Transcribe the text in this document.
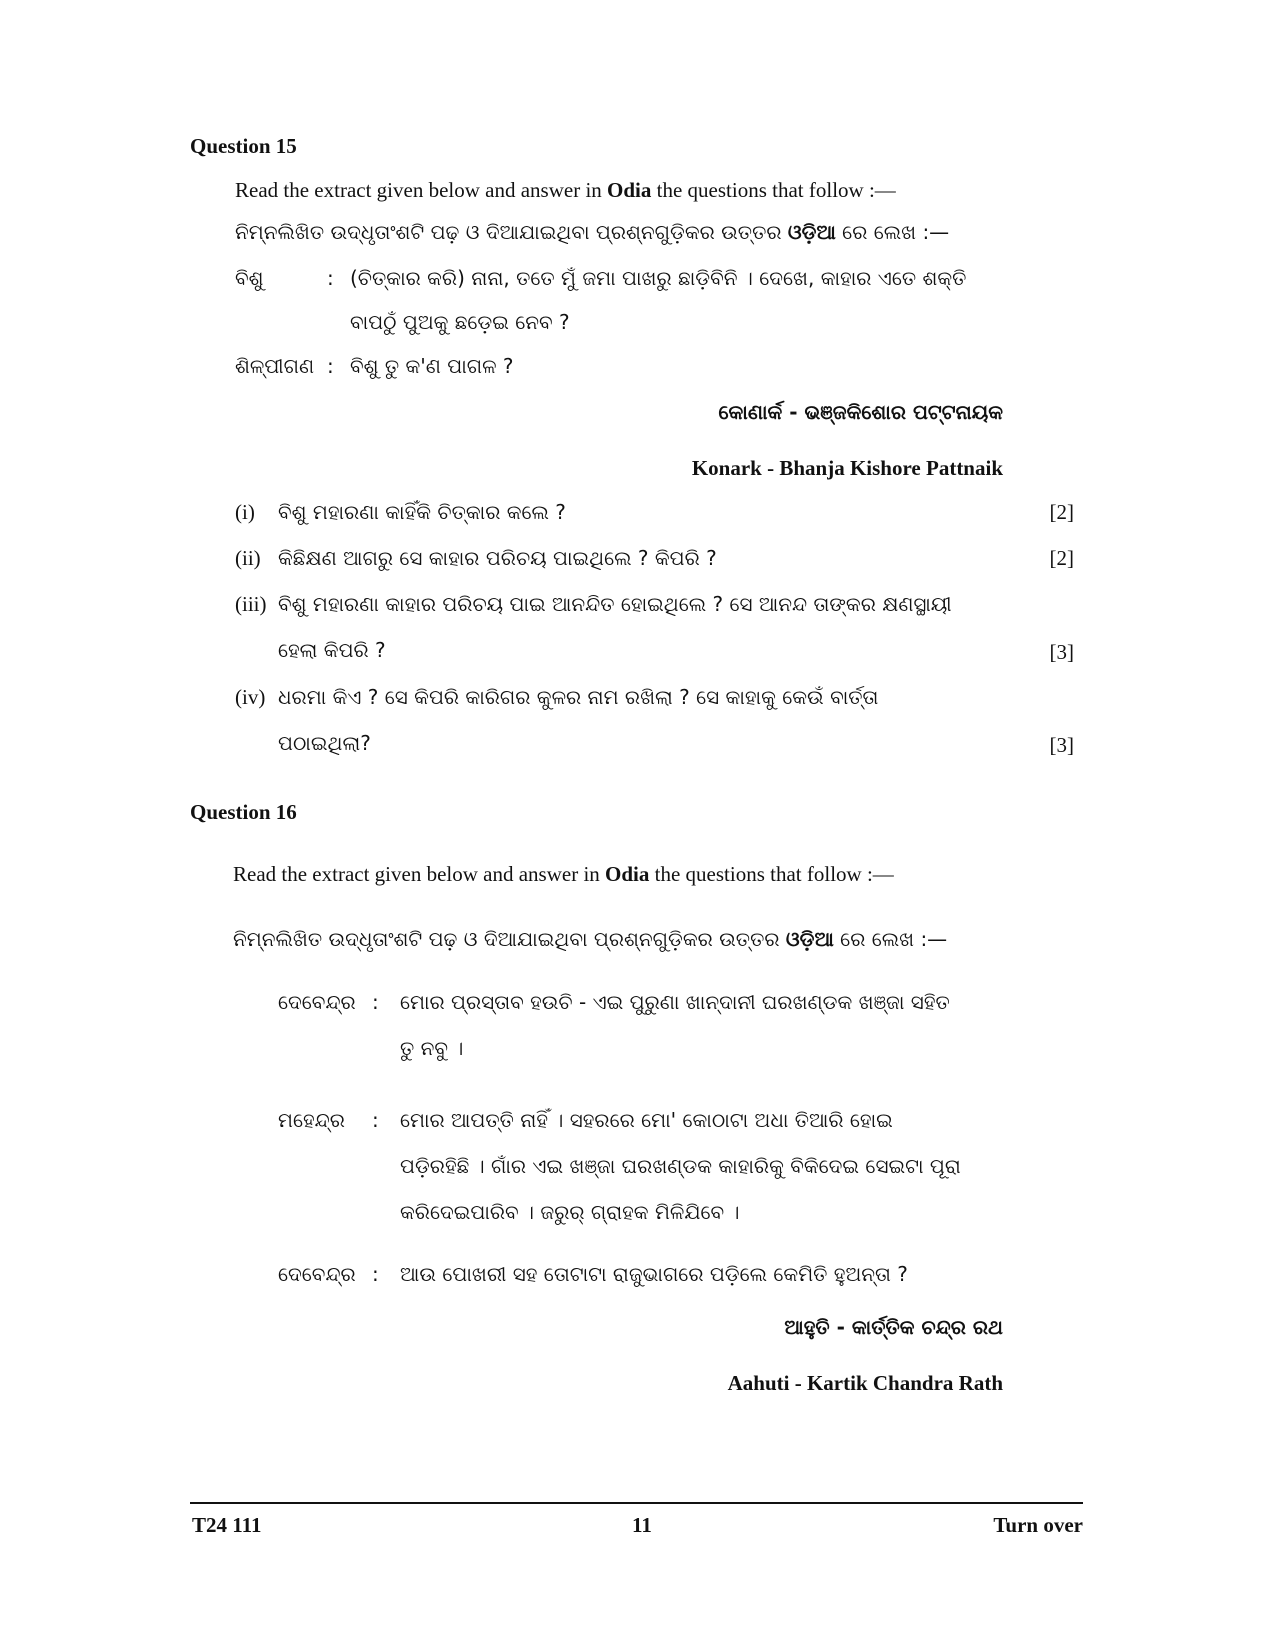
Question 15
Read the extract given below and answer in Odia the questions that follow :—
ନିମ୍ନଲିଖିତ ଉଦ୍ଧୃତାଂଶଟି ପଢ଼ ଓ ଦିଆଯାଇଥିବା ପ୍ରଶ୍ନଗୁଡ଼ିକର ଉତ୍ତର ଓଡ଼ିଆ ରେ ଲେଖ :—
ବିଶୁ	: (ଚିତ୍କାର କରି) ନାନା, ତତେ ମୁଁ ଜମା ପାଖରୁ ଛାଡ଼ିବିନି । ଦେଖେ, କାହାର ଏତେ ଶକ୍ତି
ବାପଠୁଁ ପୁଅକୁ ଛଡ଼େଇ ନେବ ?
ଶିଳ୍ପୀଗଣ : ବିଶୁ ତୁ କ'ଣ ପାଗଳ ?
କୋଣାର୍କ - ଭଞ୍ଜକିଶୋର ପଟ୍ଟନାୟକ
Konark - Bhanja Kishore Pattnaik
(i) ବିଶୁ ମହାରଣା କାହିଁକି ଚିତ୍କାର କଲେ ?	[2]
(ii) କିଛିକ୍ଷଣ ଆଗରୁ ସେ କାହାର ପରିଚୟ ପାଇଥିଲେ ? କିପରି ?	[2]
(iii) ବିଶୁ ମହାରଣା କାହାର ପରିଚୟ ପାଇ ଆନନ୍ଦିତ ହୋଇଥିଲେ ? ସେ ଆନନ୍ଦ ତାଙ୍କର କ୍ଷଣସ୍ଥାୟୀ
ହେଲା କିପରି ?	[3]
(iv) ଧରମା କିଏ ? ସେ କିପରି କାରିଗର କୁଳର ନାମ ରଖିଲା ? ସେ କାହାକୁ କେଉଁ ବାର୍ତ୍ତା
ପଠାଇଥିଲା?	[3]
Question 16
Read the extract given below and answer in Odia the questions that follow :—
ନିମ୍ନଲିଖିତ ଉଦ୍ଧୃତାଂଶଟି ପଢ଼ ଓ ଦିଆଯାଇଥିବା ପ୍ରଶ୍ନଗୁଡ଼ିକର ଉତ୍ତର ଓଡ଼ିଆ ରେ ଲେଖ :—
ଦେବେନ୍ଦ୍ର : ମୋର ପ୍ରସ୍ତାବ ହଉଚି - ଏଇ ପୁରୁଣା ଖାନ୍‌ଦାନୀ ଘରଖଣ୍ଡକ ଖଞ୍ଜା ସହିତ
ତୁ ନବୁ ।
ମହେନ୍ଦ୍ର : ମୋର ଆପତ୍ତି ନାହିଁ । ସହରରେ ମୋ' କୋଠାଟା ଅଧା ତିଆରି ହୋଇ
ପଡ଼ିରହିଛି । ଗାଁର ଏଇ ଖଞ୍ଜା ଘରଖଣ୍ଡକ କାହାରିକୁ ବିକିଦେଇ ସେଇଟା ପୂରା
କରିଦେଇପାରିବ । ଜରୁର୍ ଗ୍ରାହକ ମିଳିଯିବେ ।
ଦେବେନ୍ଦ୍ର : ଆଉ ପୋଖରୀ ସହ ତୋଟାଟା ରାଜୁଭାଗରେ ପଡ଼ିଲେ କେମିତି ହୁଅନ୍ତା ?
ଆହୁତି - କାର୍ତ୍ତିକ ଚନ୍ଦ୍ର ରଥ
Aahuti - Kartik Chandra Rath
T24 111	11	Turn over
